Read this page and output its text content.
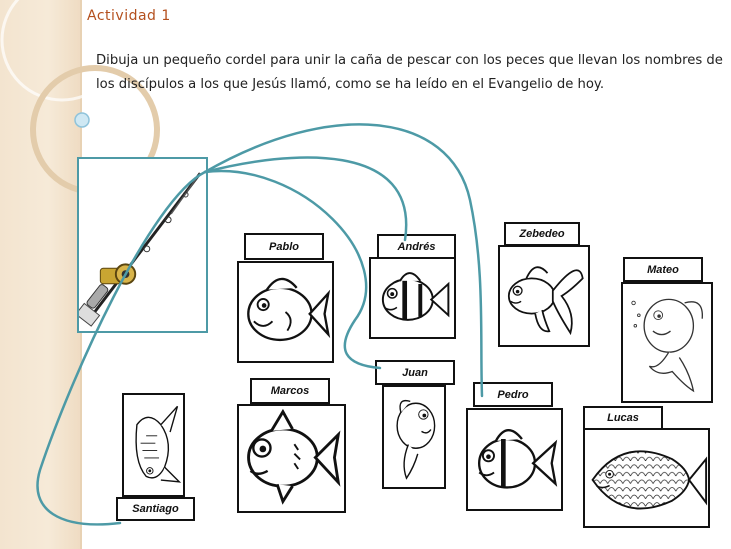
Actividad 1
Dibuja un pequeño cordel para unir la caña de pescar con los peces que llevan los nombres de los discípulos a los que Jesús llamó, como se ha leído en el Evangelio de hoy.
Pablo	Andrés
Zebedeo
Mateo
Juan
Marcos	Pedro
Lucas
Santiago
